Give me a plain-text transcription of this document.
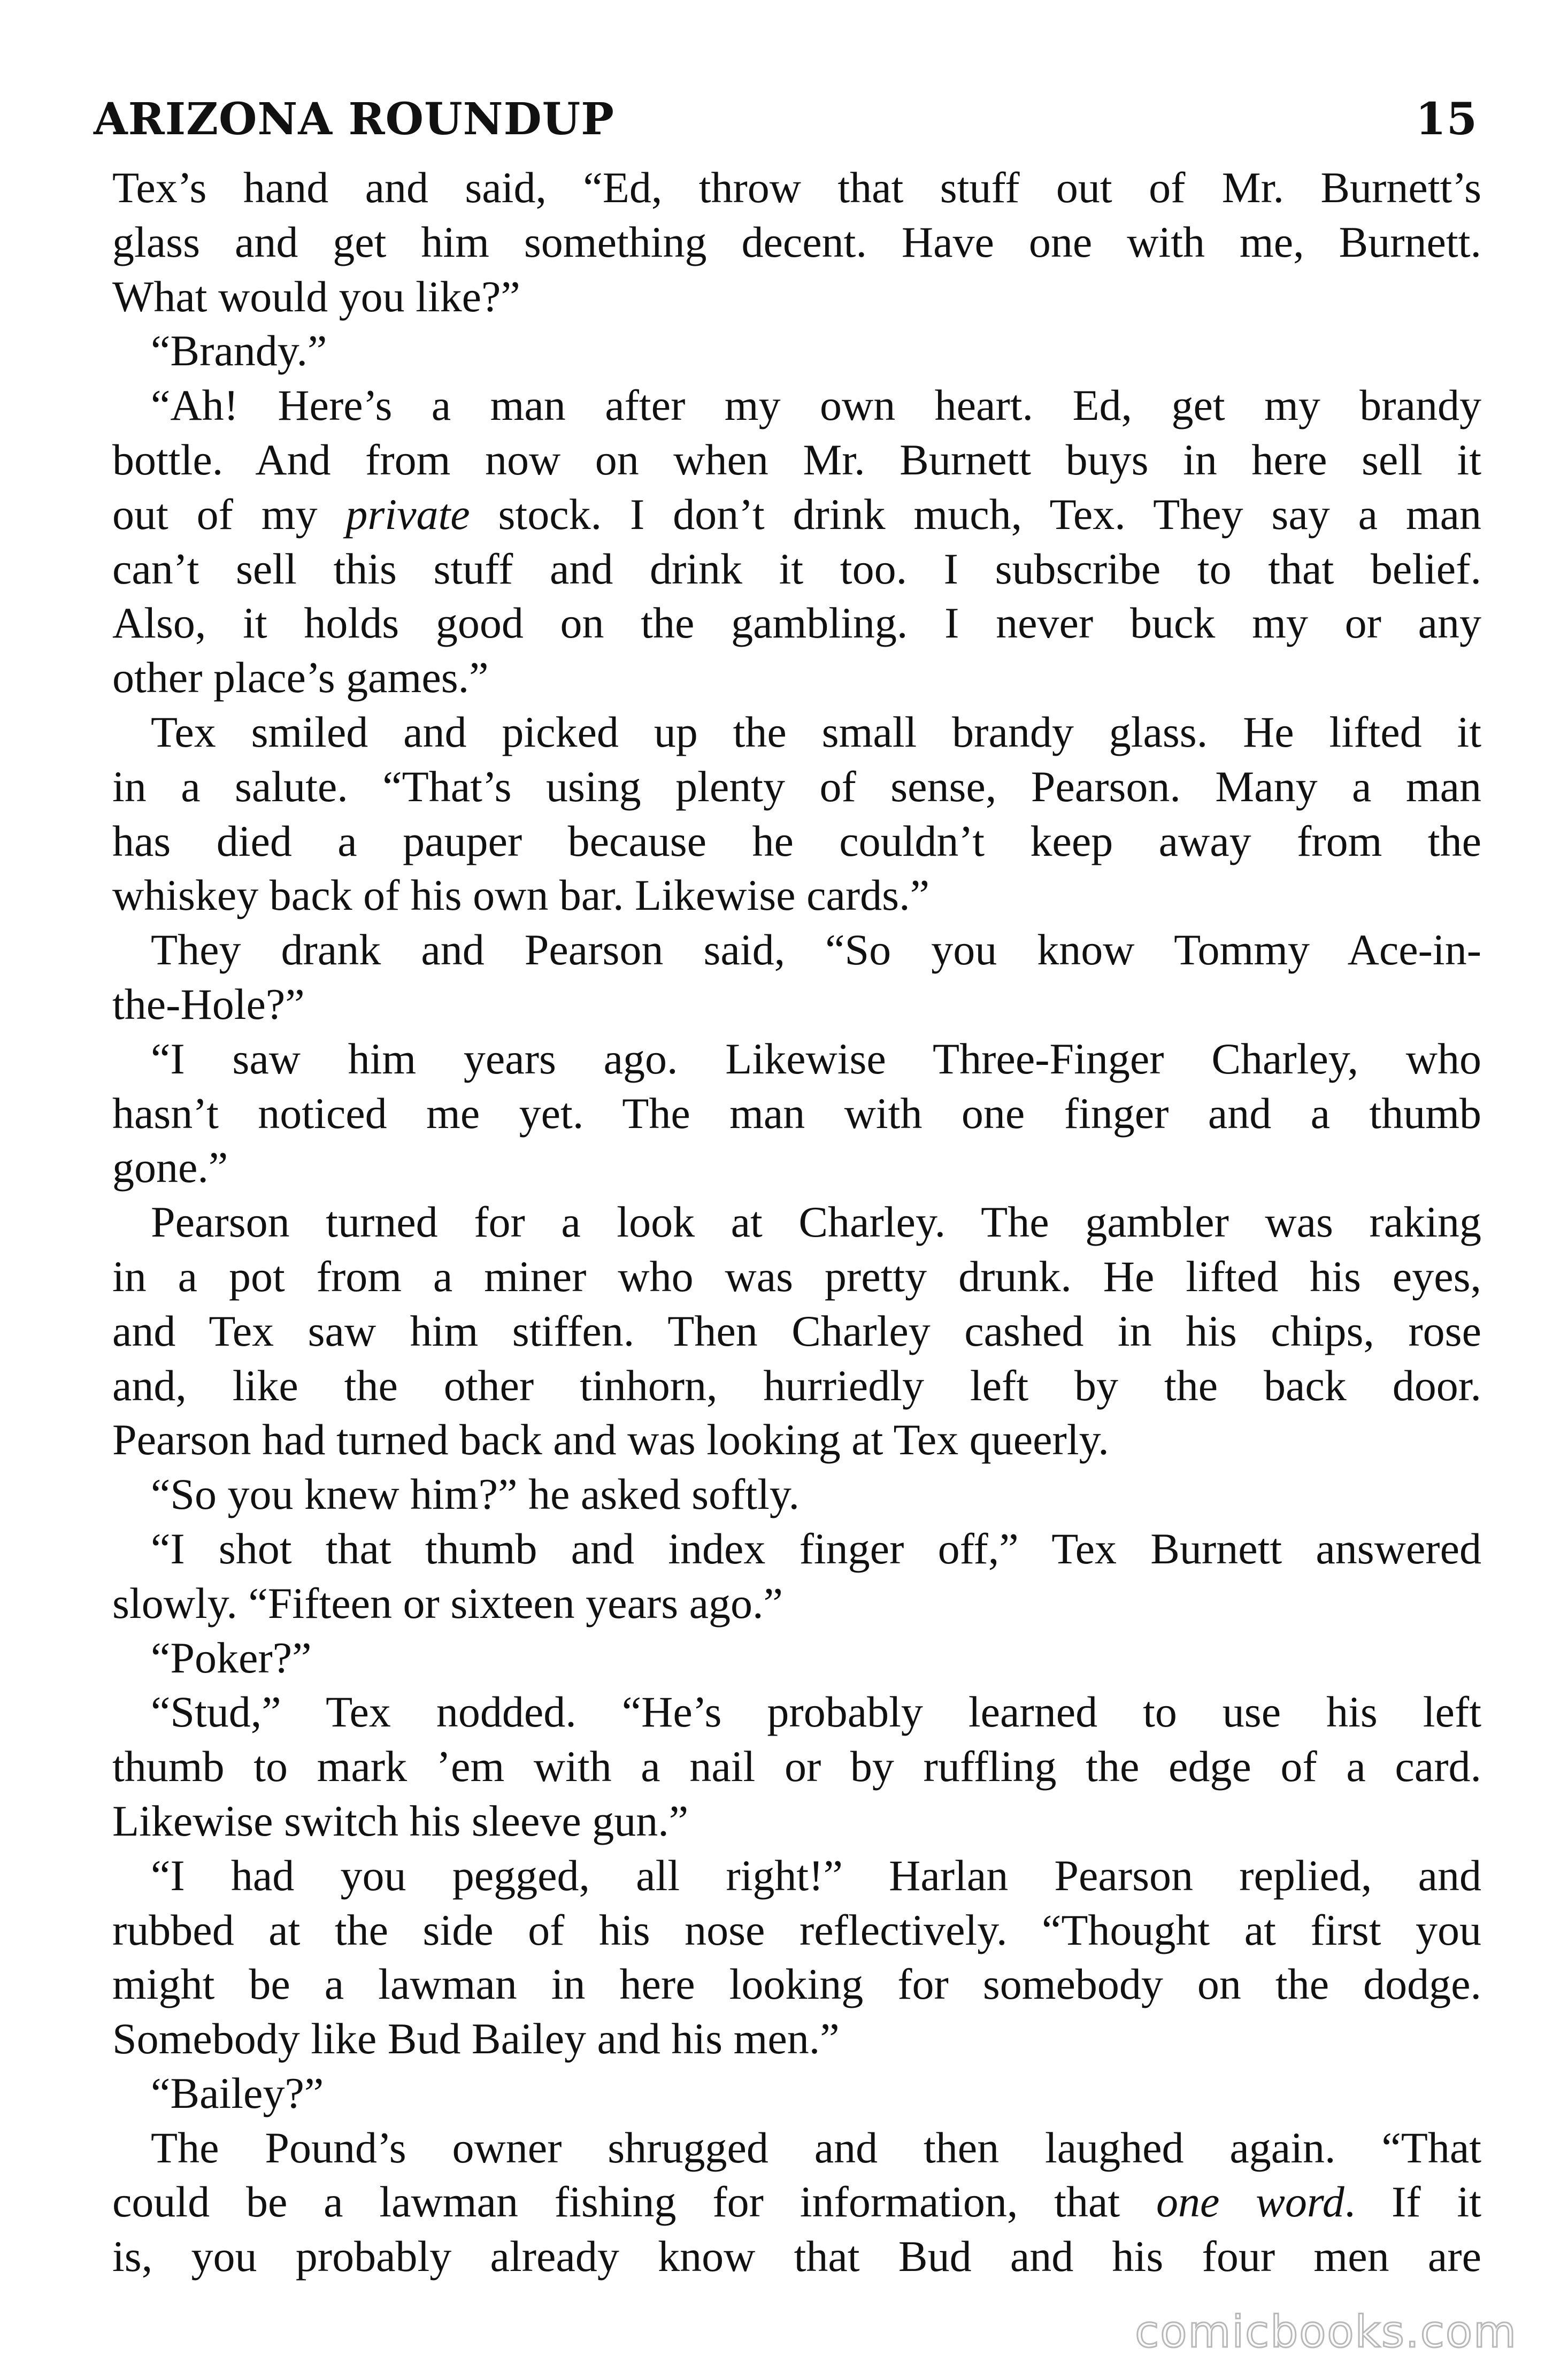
ARIZONA ROUNDUP	15
Tex’s hand and said, “Ed, throw that stuff out of Mr. Burnett’s
glass and get him something decent. Have one with me, Burnett.
What would you like?”
“Brandy.”
“Ah! Here’s a man after my own heart. Ed, get my brandy
bottle. And from now on when Mr. Burnett buys in here sell it
out of my private stock. I don’t drink much, Tex. They say a man
can’t sell this stuff and drink it too. I subscribe to that belief.
Also, it holds good on the gambling. I never buck my or any
other place’s games.”
Tex smiled and picked up the small brandy glass. He lifted it
in a salute. “That’s using plenty of sense, Pearson. Many a man
has died a pauper because he couldn’t keep away from the
whiskey back of his own bar. Likewise cards.”
They drank and Pearson said, “So you know Tommy Ace-in-
the-Hole?”
“I saw him years ago. Likewise Three-Finger Charley, who
hasn’t noticed me yet. The man with one finger and a thumb
gone.”
Pearson turned for a look at Charley. The gambler was raking
in a pot from a miner who was pretty drunk. He lifted his eyes,
and Tex saw him stiffen. Then Charley cashed in his chips, rose
and, like the other tinhorn, hurriedly left by the back door.
Pearson had turned back and was looking at Tex queerly.
“So you knew him?” he asked softly.
“I shot that thumb and index finger off,” Tex Burnett answered
slowly. “Fifteen or sixteen years ago.”
“Poker?”
“Stud,” Tex nodded. “He’s probably learned to use his left
thumb to mark ’em with a nail or by ruffling the edge of a card.
Likewise switch his sleeve gun.”
“I had you pegged, all right!” Harlan Pearson replied, and
rubbed at the side of his nose reflectively. “Thought at first you
might be a lawman in here looking for somebody on the dodge.
Somebody like Bud Bailey and his men.”
“Bailey?”
The Pound’s owner shrugged and then laughed again. “That
could be a lawman fishing for information, that one word. If it
is, you probably already know that Bud and his four men are
comicbooks.com
